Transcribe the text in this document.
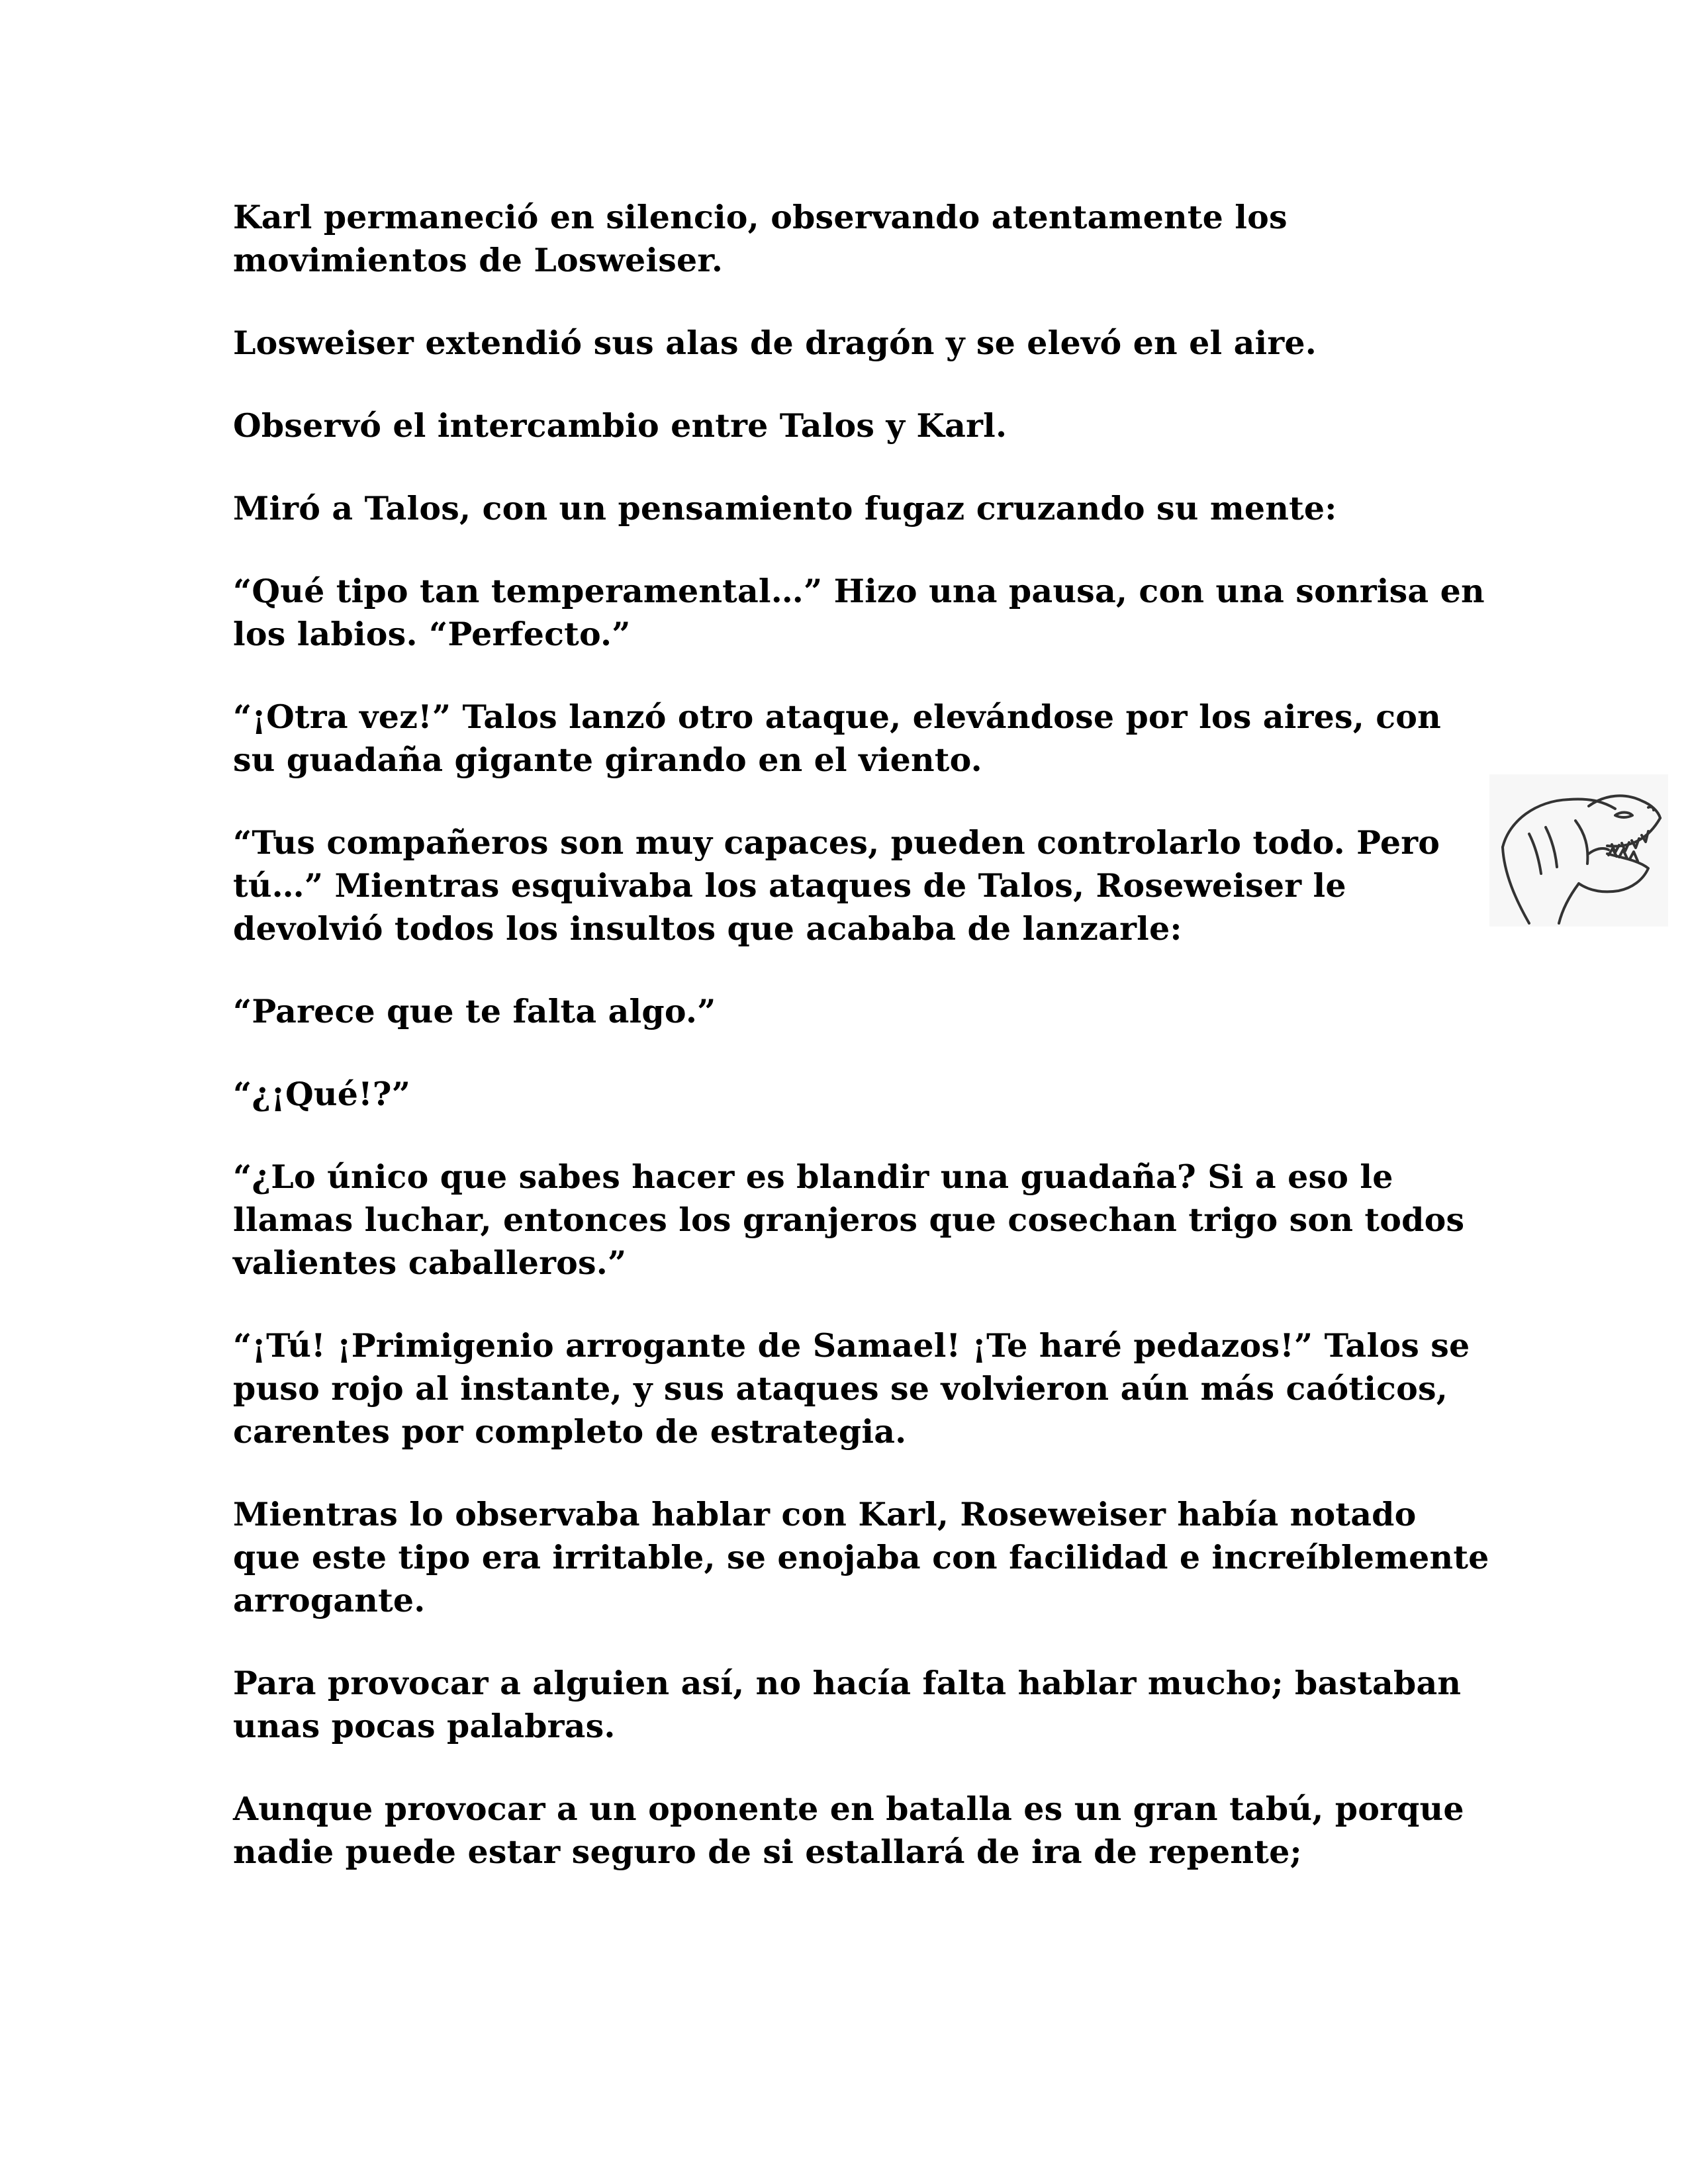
Karl permaneció en silencio, observando atentamente los movimientos de Losweiser.

Losweiser extendió sus alas de dragón y se elevó en el aire.

Observó el intercambio entre Talos y Karl.

Miró a Talos, con un pensamiento fugaz cruzando su mente:

“Qué tipo tan temperamental…” Hizo una pausa, con una sonrisa en los labios. “Perfecto.”

“¡Otra vez!” Talos lanzó otro ataque, elevándose por los aires, con su guadaña gigante girando en el viento.

“Tus compañeros son muy capaces, pueden controlarlo todo. Pero tú…” Mientras esquivaba los ataques de Talos, Roseweiser le devolvió todos los insultos que acababa de lanzarle:

“Parece que te falta algo.”

“¿¡Qué!?”

“¿Lo único que sabes hacer es blandir una guadaña? Si a eso le llamas luchar, entonces los granjeros que cosechan trigo son todos valientes caballeros.”

“¡Tú! ¡Primigenio arrogante de Samael! ¡Te haré pedazos!” Talos se puso rojo al instante, y sus ataques se volvieron aún más caóticos, carentes por completo de estrategia.

Mientras lo observaba hablar con Karl, Roseweiser había notado que este tipo era irritable, se enojaba con facilidad e increíblemente arrogante.

Para provocar a alguien así, no hacía falta hablar mucho; bastaban unas pocas palabras.

Aunque provocar a un oponente en batalla es un gran tabú, porque nadie puede estar seguro de si estallará de ira de repente;
